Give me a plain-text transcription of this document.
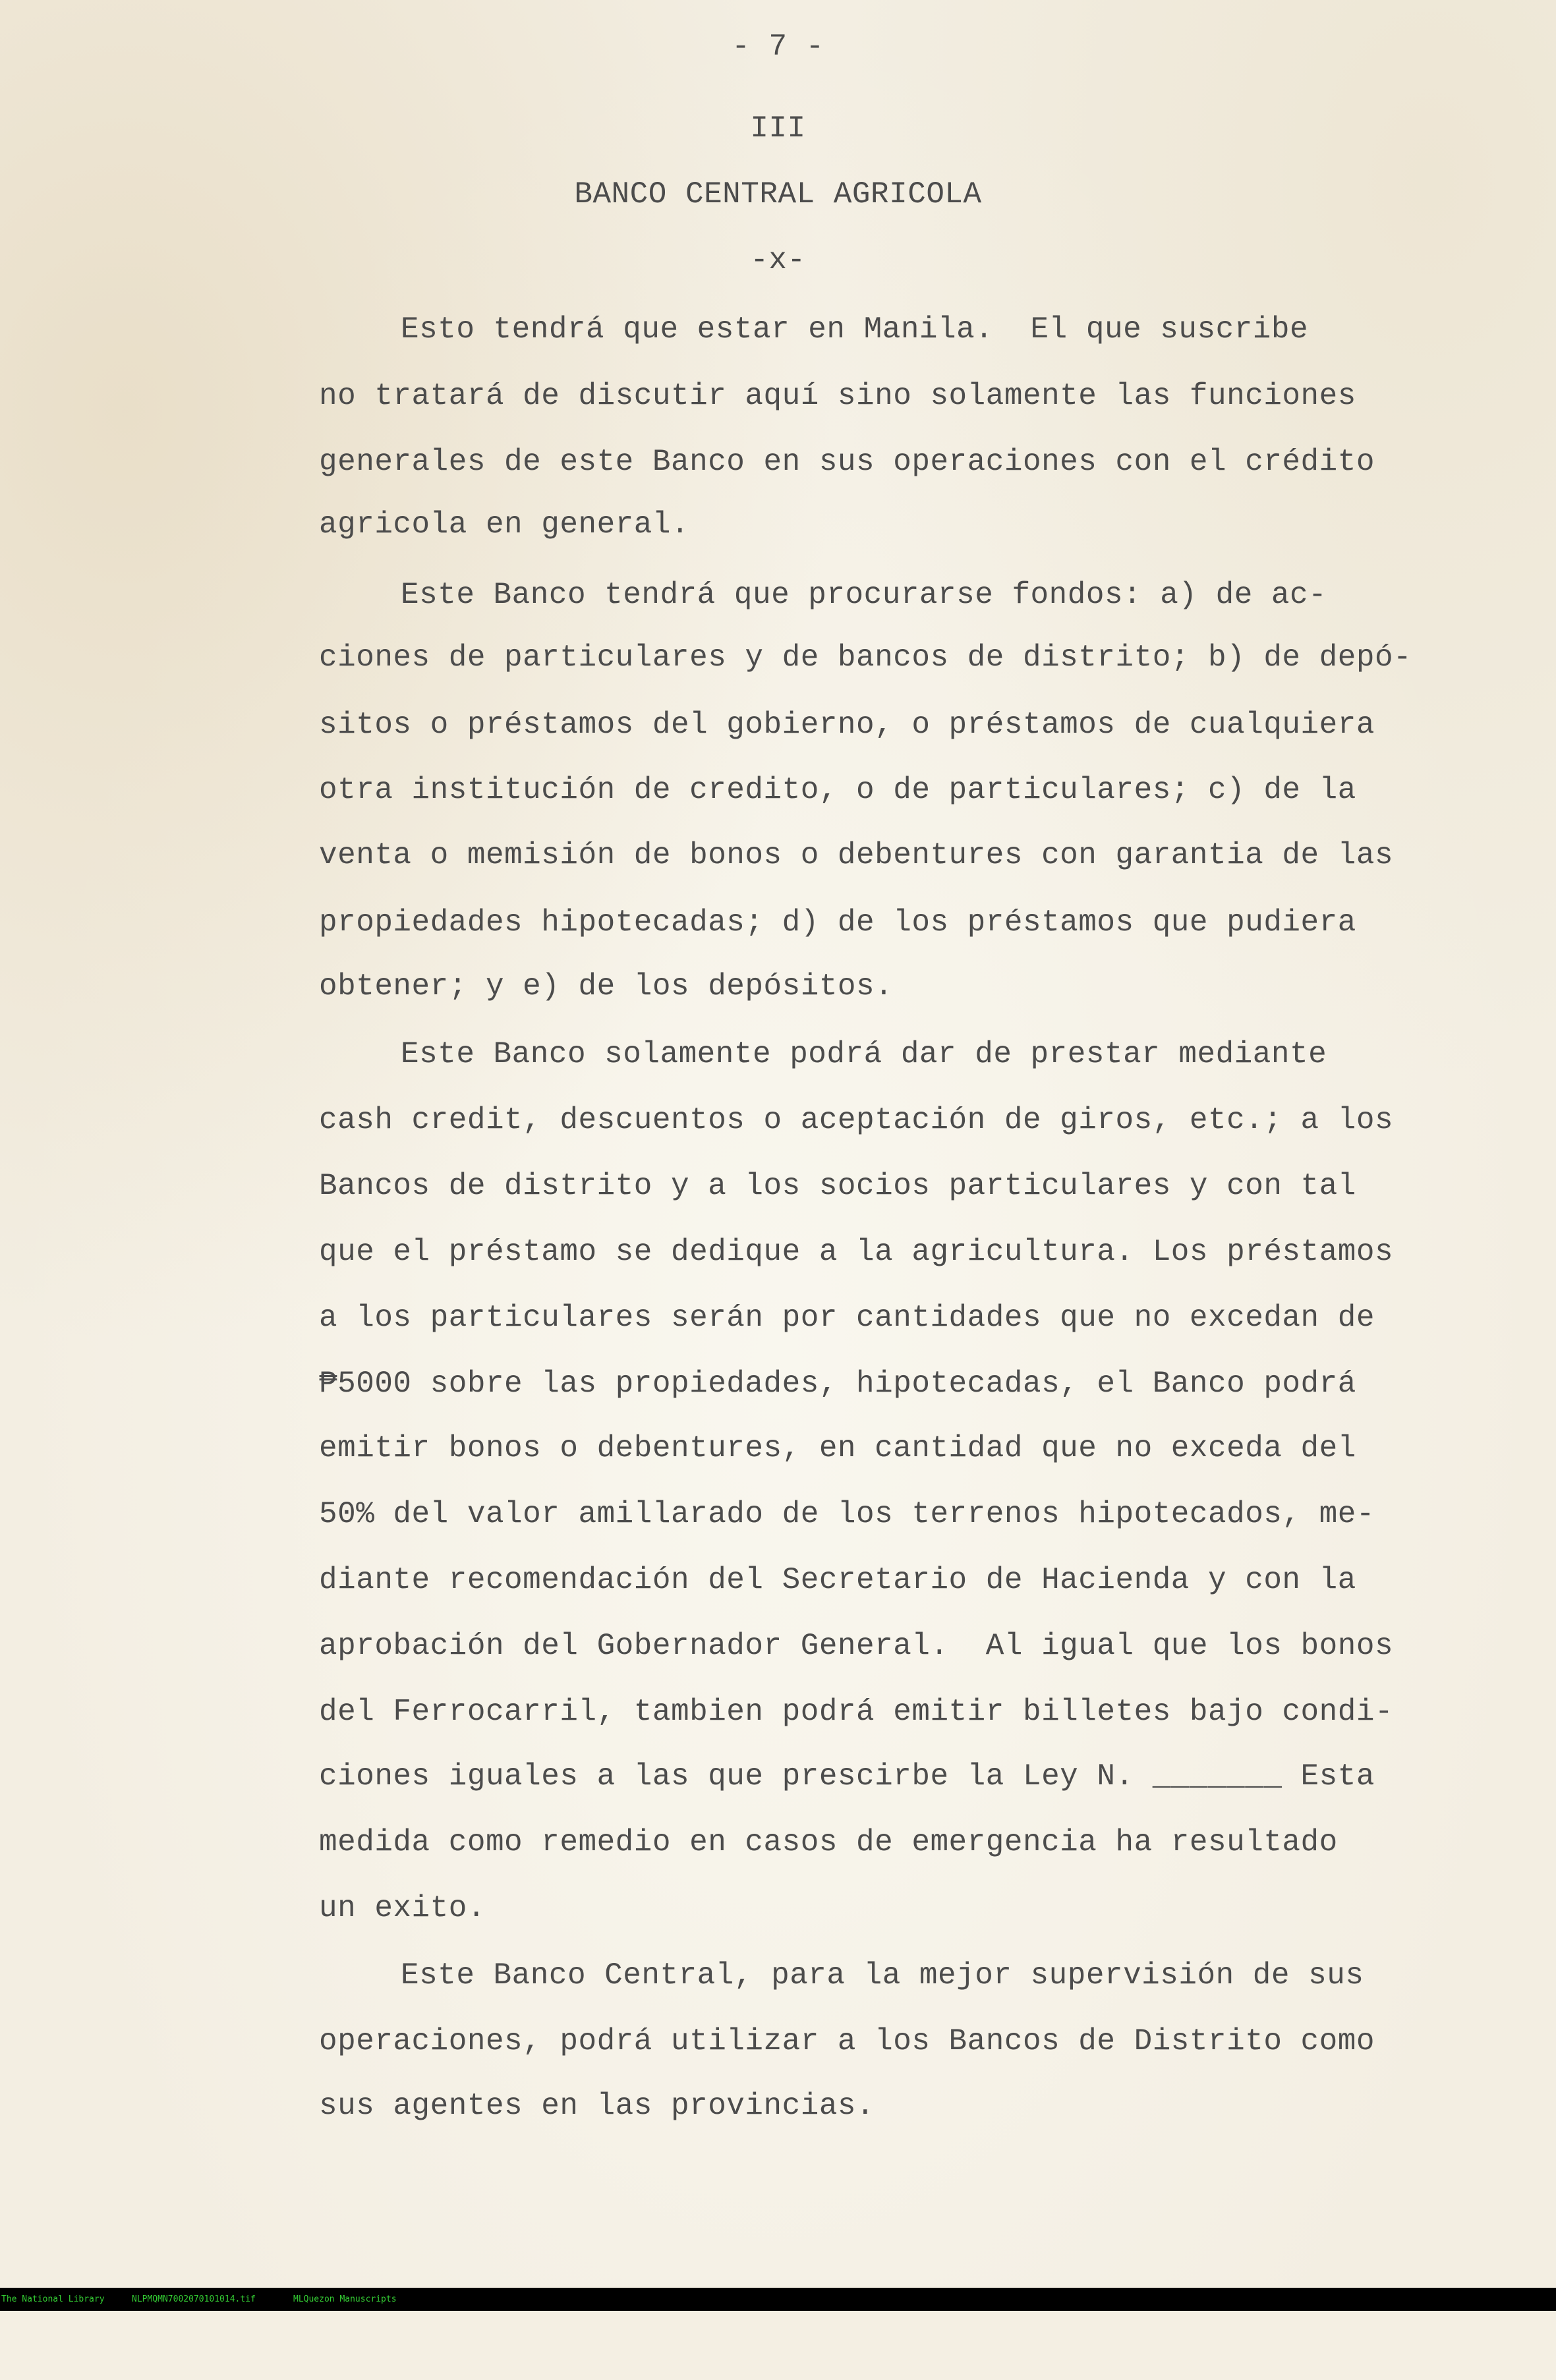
- 7 -
III
BANCO CENTRAL AGRICOLA
-x-
Esto tendrá que estar en Manila.  El que suscribe
no tratará de discutir aquí sino solamente las funciones
generales de este Banco en sus operaciones con el crédito
agricola en general.
Este Banco tendrá que procurarse fondos: a) de ac-
ciones de particulares y de bancos de distrito; b) de depó-
sitos o préstamos del gobierno, o préstamos de cualquiera
otra institución de credito, o de particulares; c) de la
venta o memisión de bonos o debentures con garantia de las
propiedades hipotecadas; d) de los préstamos que pudiera
obtener; y e) de los depósitos.
Este Banco solamente podrá dar de prestar mediante
cash credit, descuentos o aceptación de giros, etc.; a los
Bancos de distrito y a los socios particulares y con tal
que el préstamo se dedique a la agricultura. Los préstamos
a los particulares serán por cantidades que no excedan de
₱5000 sobre las propiedades, hipotecadas, el Banco podrá
emitir bonos o debentures, en cantidad que no exceda del
50% del valor amillarado de los terrenos hipotecados, me-
diante recomendación del Secretario de Hacienda y con la
aprobación del Gobernador General.  Al igual que los bonos
del Ferrocarril, tambien podrá emitir billetes bajo condi-
ciones iguales a las que prescirbe la Ley N. _______ Esta
medida como remedio en casos de emergencia ha resultado
un exito.
Este Banco Central, para la mejor supervisión de sus
operaciones, podrá utilizar a los Bancos de Distrito como
sus agentes en las provincias.

The National Library

	NLPMQMN7002070101014.tif

	MLQuezon Manuscripts
